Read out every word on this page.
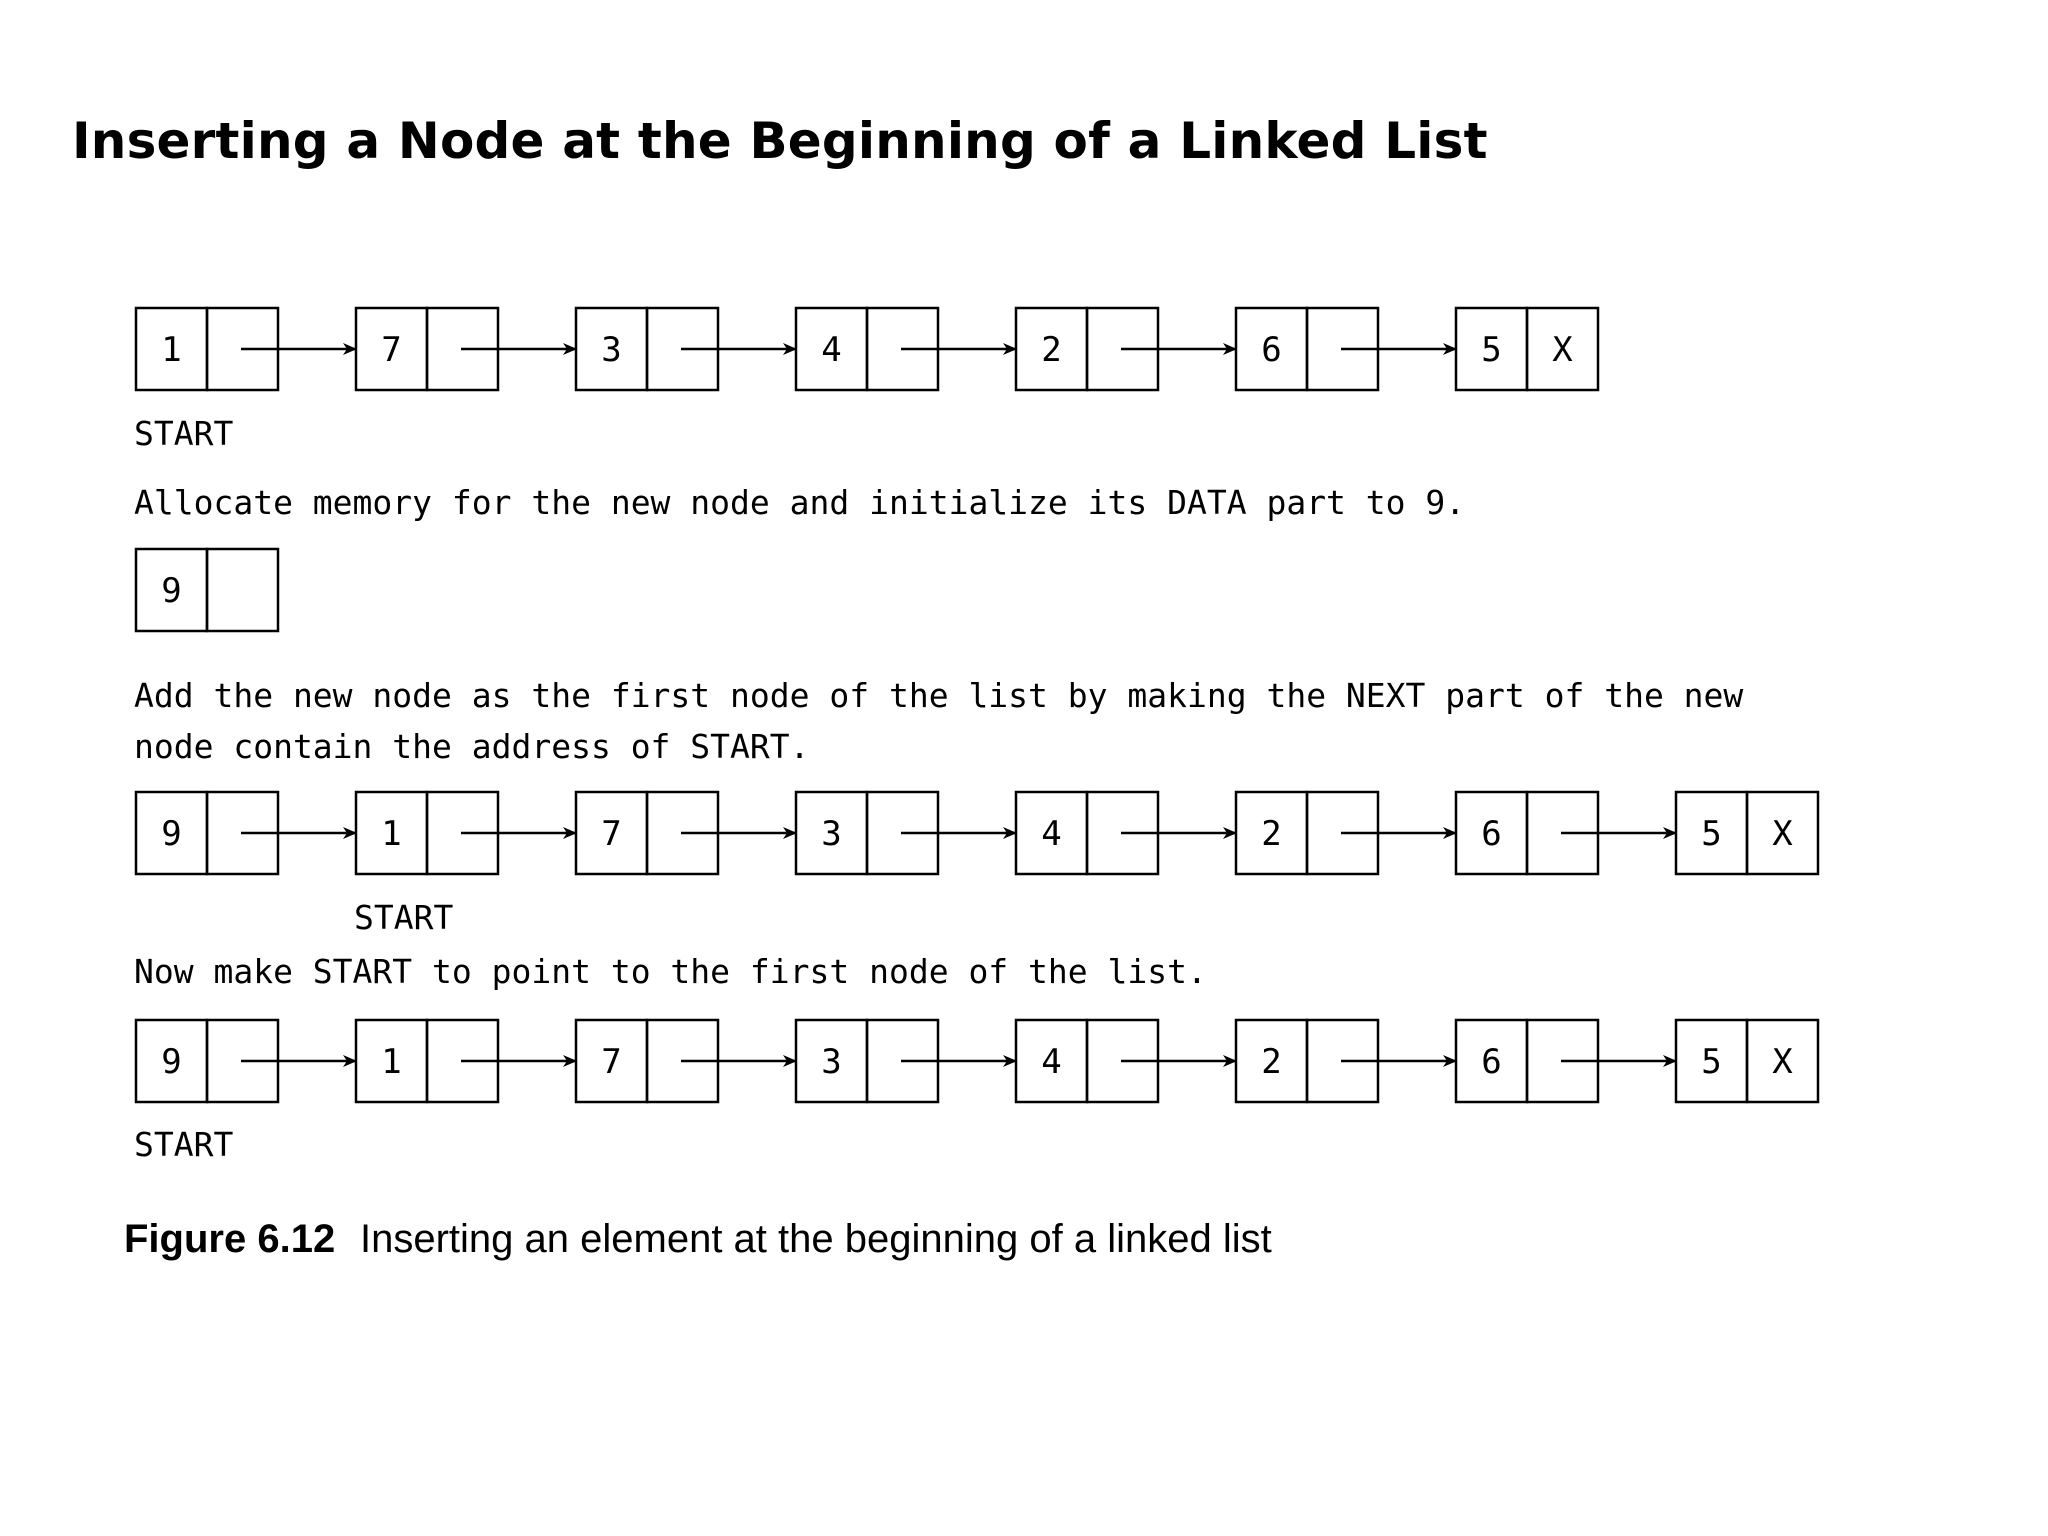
Inserting a Node at the Beginning of a Linked List
1	7	3	4	2	6	5 X
START
Allocate memory for the new node and initialize its DATA part to 9.
9
Add the new node as the first node of the list by making the NEXT part of the new
node contain the address of START.
9	1	7	3	4	2	6	5 X
START
Now make START to point to the first node of the list.
9	1	7	3	4	2	6	5 X
START
Figure 6.12 Inserting an element at the beginning of a linked list
